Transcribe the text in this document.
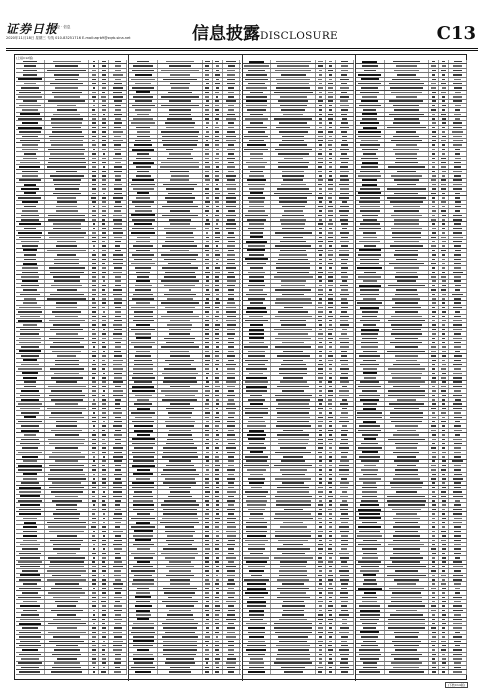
证券日报
财经 · 信息
2020年11月18日 星期三 专线 010-83251716 E-mail:zqrb9@zqrb.sina.net	信息披露DISCLOSURE	C13
(上接C12版)
(下转C14版)
